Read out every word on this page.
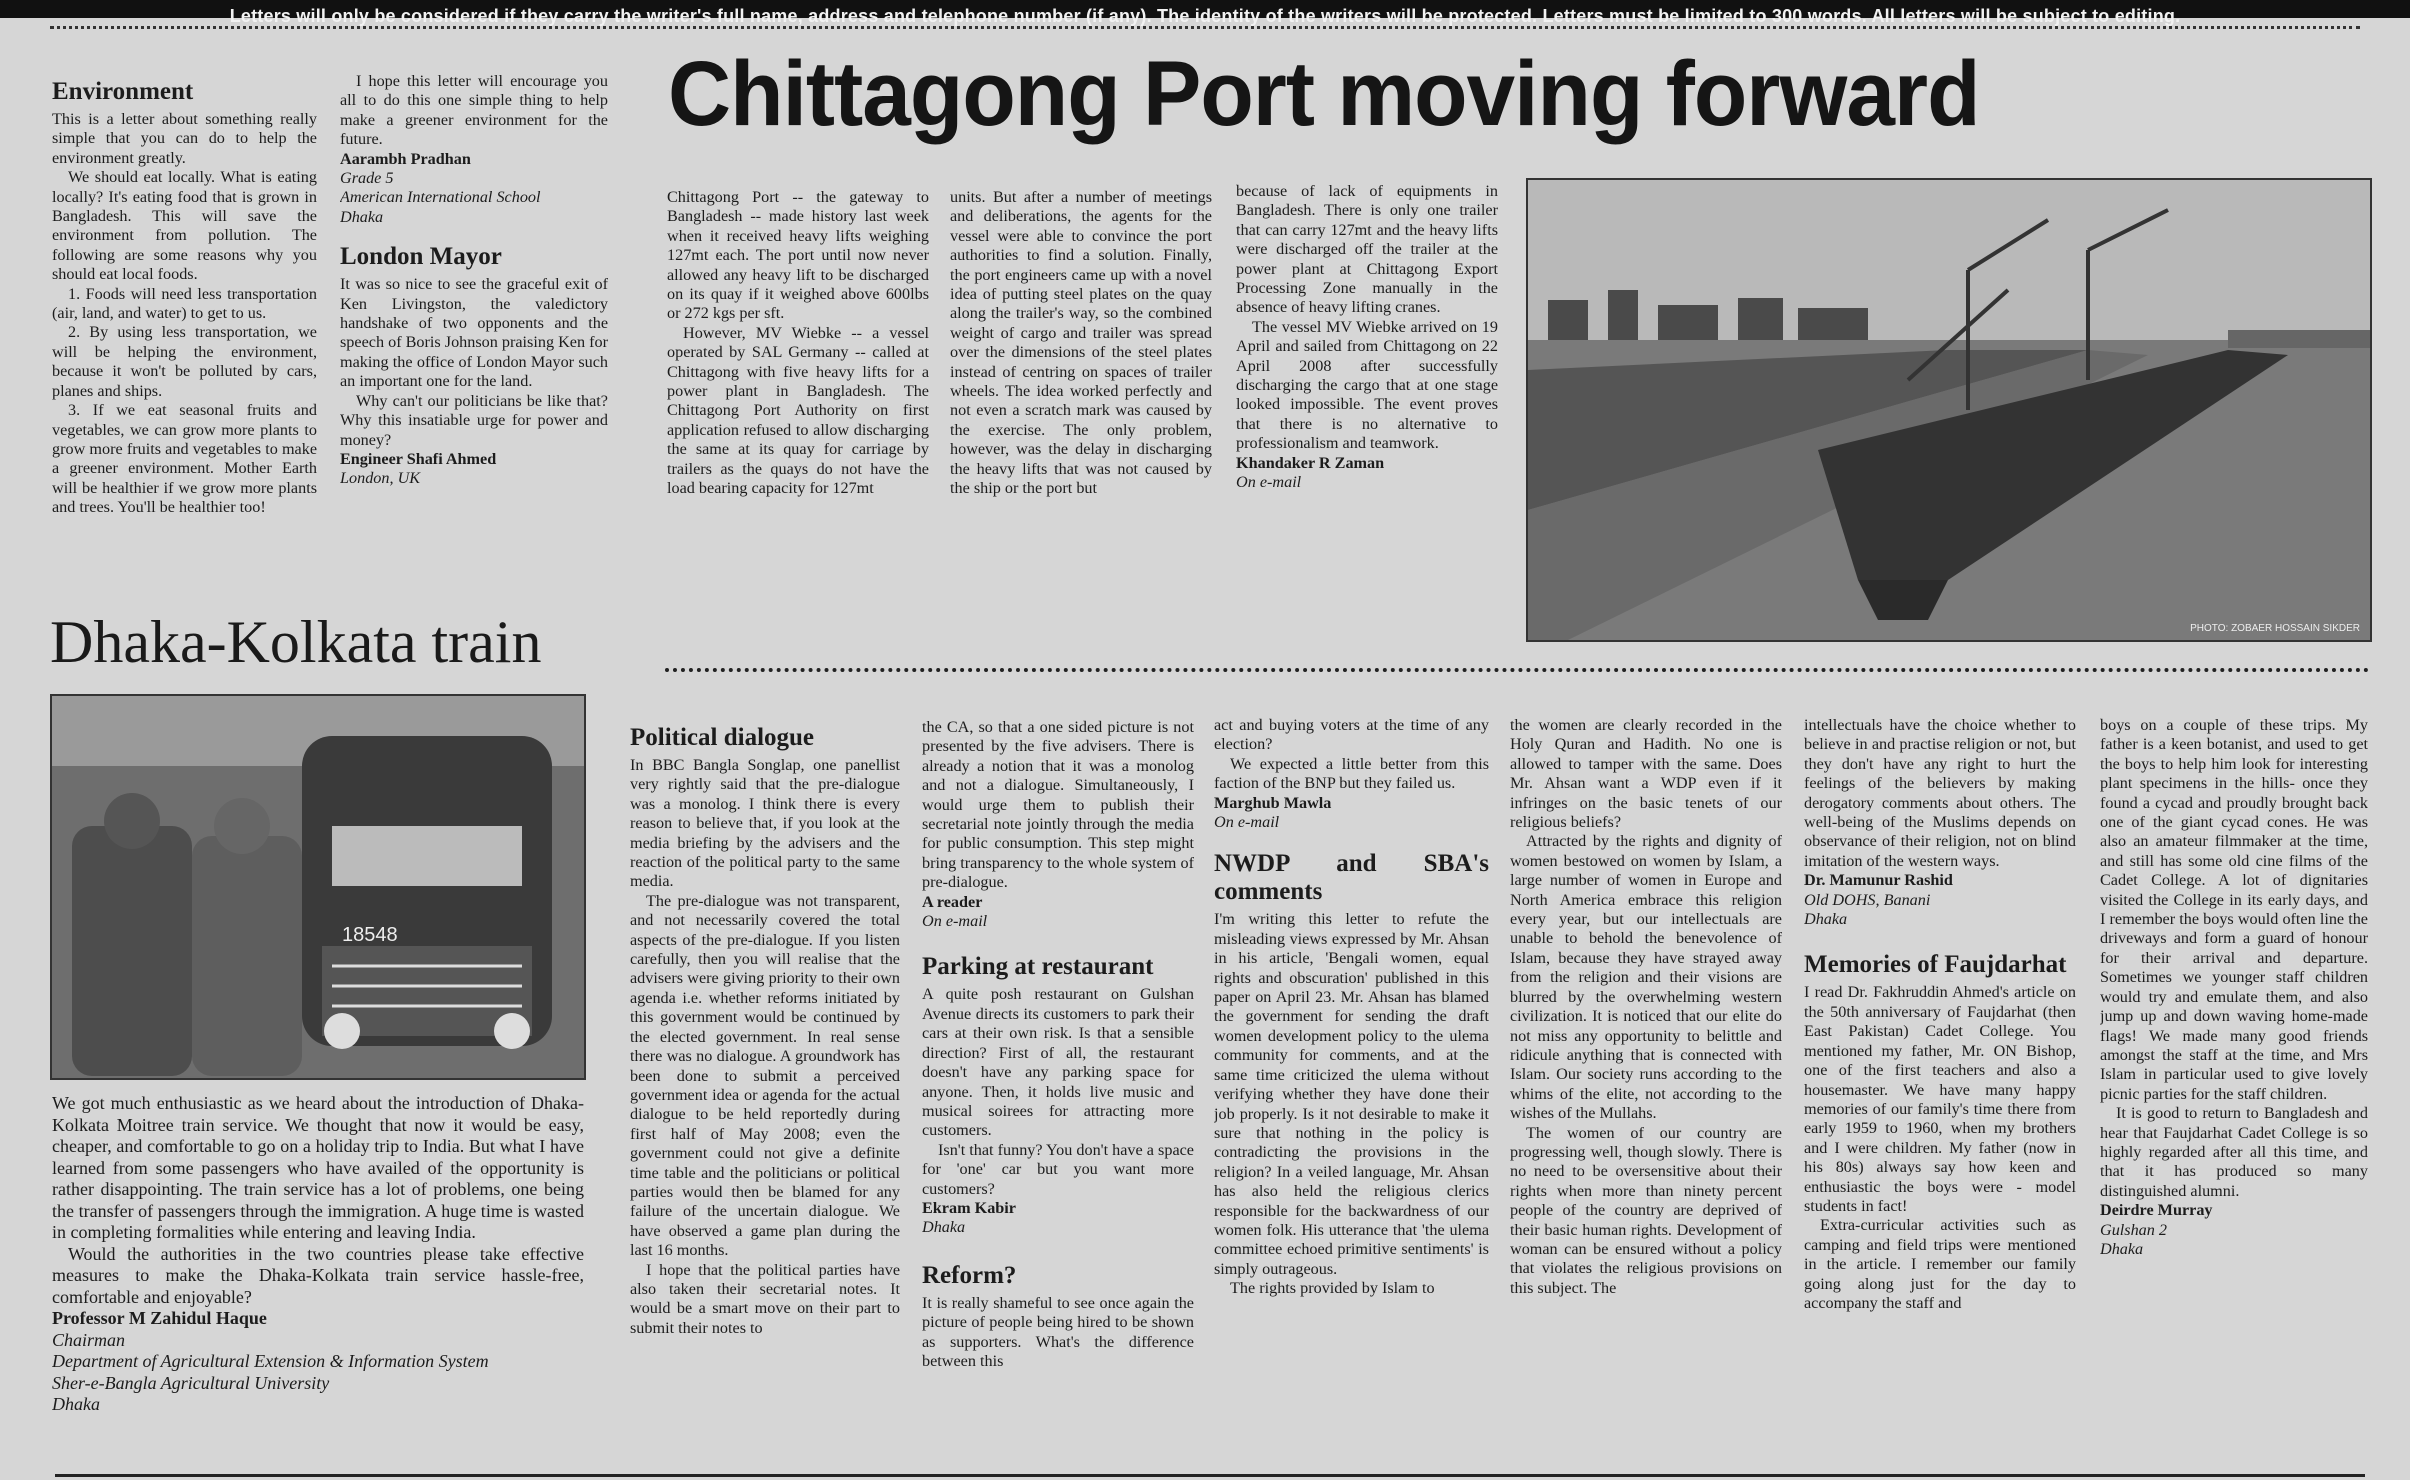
Letters will only be considered if they carry the writer's full name, address and telephone number (if any). The identity of the writers will be protected. Letters must be limited to 300 words. All letters will be subject to editing.
Environment

This is a letter about something really simple that you can do to help the environment greatly.

We should eat locally. What is eating locally? It's eating food that is grown in Bangladesh. This will save the environment from pollution. The following are some reasons why you should eat local foods.

1. Foods will need less transportation (air, land, and water) to get to us.

2. By using less transportation, we will be helping the environment, because it won't be polluted by cars, planes and ships.

3. If we eat seasonal fruits and vegetables, we can grow more plants to grow more fruits and vegetables to make a greener environment. Mother Earth will be healthier if we grow more plants and trees. You'll be healthier too!

I hope this letter will encourage you all to do this one simple thing to help make a greener environment for the future.

Aarambh Pradhan
Grade 5
American International School
Dhaka
London Mayor

It was so nice to see the graceful exit of Ken Livingston, the valedictory handshake of two opponents and the speech of Boris Johnson praising Ken for making the office of London Mayor such an important one for the land.

Why can't our politicians be like that? Why this insatiable urge for power and money?

Engineer Shafi Ahmed
London, UK
Chittagong Port moving forward

Chittagong Port -- the gateway to Bangladesh -- made history last week when it received heavy lifts weighing 127mt each. The port until now never allowed any heavy lift to be discharged on its quay if it weighed above 600lbs or 272 kgs per sft.

However, MV Wiebke -- a vessel operated by SAL Germany -- called at Chittagong with five heavy lifts for a power plant in Bangladesh. The Chittagong Port Authority on first application refused to allow discharging the same at its quay for carriage by trailers as the quays do not have the load bearing capacity for 127mt

units. But after a number of meetings and deliberations, the agents for the vessel were able to convince the port authorities to find a solution. Finally, the port engineers came up with a novel idea of putting steel plates on the quay along the trailer's way, so the combined weight of cargo and trailer was spread over the dimensions of the steel plates instead of centring on spaces of trailer wheels. The idea worked perfectly and not even a scratch mark was caused by the exercise. The only problem, however, was the delay in discharging the heavy lifts that was not caused by the ship or the port but

because of lack of equipments in Bangladesh. There is only one trailer that can carry 127mt and the heavy lifts were discharged off the trailer at the power plant at Chittagong Export Processing Zone manually in the absence of heavy lifting cranes.

The vessel MV Wiebke arrived on 19 April and sailed from Chittagong on 22 April 2008 after successfully discharging the cargo that at one stage looked impossible. The event proves that there is no alternative to professionalism and teamwork.

Khandaker R Zaman
On e-mail
PHOTO: ZOBAER HOSSAIN SIKDER
Dhaka-Kolkata train
18548

We got much enthusiastic as we heard about the introduction of Dhaka-Kolkata Moitree train service. We thought that now it would be easy, cheaper, and comfortable to go on a holiday trip to India. But what I have learned from some passengers who have availed of the opportunity is rather disappointing. The train service has a lot of problems, one being the transfer of passengers through the immigration. A huge time is wasted in completing formalities while entering and leaving India.

Would the authorities in the two countries please take effective measures to make the Dhaka-Kolkata train service hassle-free, comfortable and enjoyable?

Professor M Zahidul Haque
Chairman
Department of Agricultural Extension & Information System
Sher-e-Bangla Agricultural University
Dhaka
Political dialogue

In BBC Bangla Songlap, one panellist very rightly said that the pre-dialogue was a monolog. I think there is every reason to believe that, if you look at the media briefing by the advisers and the reaction of the political party to the same media.

The pre-dialogue was not transparent, and not necessarily covered the total aspects of the pre-dialogue. If you listen carefully, then you will realise that the advisers were giving priority to their own agenda i.e. whether reforms initiated by this government would be continued by the elected government. In real sense there was no dialogue. A groundwork has been done to submit a perceived government idea or agenda for the actual dialogue to be held reportedly during first half of May 2008; even the government could not give a definite time table and the politicians or political parties would then be blamed for any failure of the uncertain dialogue. We have observed a game plan during the last 16 months.

I hope that the political parties have also taken their secretarial notes. It would be a smart move on their part to submit their notes to

the CA, so that a one sided picture is not presented by the five advisers. There is already a notion that it was a monolog and not a dialogue. Simultaneously, I would urge them to publish their secretarial note jointly through the media for public consumption. This step might bring transparency to the whole system of pre-dialogue.

A reader
On e-mail
Parking at restaurant

A quite posh restaurant on Gulshan Avenue directs its customers to park their cars at their own risk. Is that a sensible direction? First of all, the restaurant doesn't have any parking space for anyone. Then, it holds live music and musical soirees for attracting more customers.

Isn't that funny? You don't have a space for 'one' car but you want more customers?

Ekram Kabir
Dhaka
Reform?

It is really shameful to see once again the picture of people being hired to be shown as supporters. What's the difference between this

act and buying voters at the time of any election?

We expected a little better from this faction of the BNP but they failed us.

Marghub Mawla
On e-mail
NWDP and SBA's comments

I'm writing this letter to refute the misleading views expressed by Mr. Ahsan in his article, 'Bengali women, equal rights and obscuration' published in this paper on April 23. Mr. Ahsan has blamed the government for sending the draft women development policy to the ulema community for comments, and at the same time criticized the ulema without verifying whether they have done their job properly. Is it not desirable to make it sure that nothing in the policy is contradicting the provisions in the religion? In a veiled language, Mr. Ahsan has also held the religious clerics responsible for the backwardness of our women folk. His utterance that 'the ulema committee echoed primitive sentiments' is simply outrageous.

The rights provided by Islam to

the women are clearly recorded in the Holy Quran and Hadith. No one is allowed to tamper with the same. Does Mr. Ahsan want a WDP even if it infringes on the basic tenets of our religious beliefs?

Attracted by the rights and dignity of women bestowed on women by Islam, a large number of women in Europe and North America embrace this religion every year, but our intellectuals are unable to behold the benevolence of Islam, because they have strayed away from the religion and their visions are blurred by the overwhelming western civilization. It is noticed that our elite do not miss any opportunity to belittle and ridicule anything that is connected with Islam. Our society runs according to the whims of the elite, not according to the wishes of the Mullahs.

The women of our country are progressing well, though slowly. There is no need to be oversensitive about their rights when more than ninety percent people of the country are deprived of their basic human rights. Development of woman can be ensured without a policy that violates the religious provisions on this subject. The

intellectuals have the choice whether to believe in and practise religion or not, but they don't have any right to hurt the feelings of the believers by making derogatory comments about others. The well-being of the Muslims depends on observance of their religion, not on blind imitation of the western ways.

Dr. Mamunur Rashid
Old DOHS, Banani
Dhaka
Memories of Faujdarhat

I read Dr. Fakhruddin Ahmed's article on the 50th anniversary of Faujdarhat (then East Pakistan) Cadet College. You mentioned my father, Mr. ON Bishop, one of the first teachers and also a housemaster. We have many happy memories of our family's time there from early 1959 to 1960, when my brothers and I were children. My father (now in his 80s) always say how keen and enthusiastic the boys were - model students in fact!

Extra-curricular activities such as camping and field trips were mentioned in the article. I remember our family going along just for the day to accompany the staff and

boys on a couple of these trips. My father is a keen botanist, and used to get the boys to help him look for interesting plant specimens in the hills- once they found a cycad and proudly brought back one of the giant cycad cones. He was also an amateur filmmaker at the time, and still has some old cine films of the Cadet College. A lot of dignitaries visited the College in its early days, and I remember the boys would often line the driveways and form a guard of honour for their arrival and departure. Sometimes we younger staff children would try and emulate them, and also jump up and down waving home-made flags! We made many good friends amongst the staff at the time, and Mrs Islam in particular used to give lovely picnic parties for the staff children.

It is good to return to Bangladesh and hear that Faujdarhat Cadet College is so highly regarded after all this time, and that it has produced so many distinguished alumni.

Deirdre Murray
Gulshan 2
Dhaka
